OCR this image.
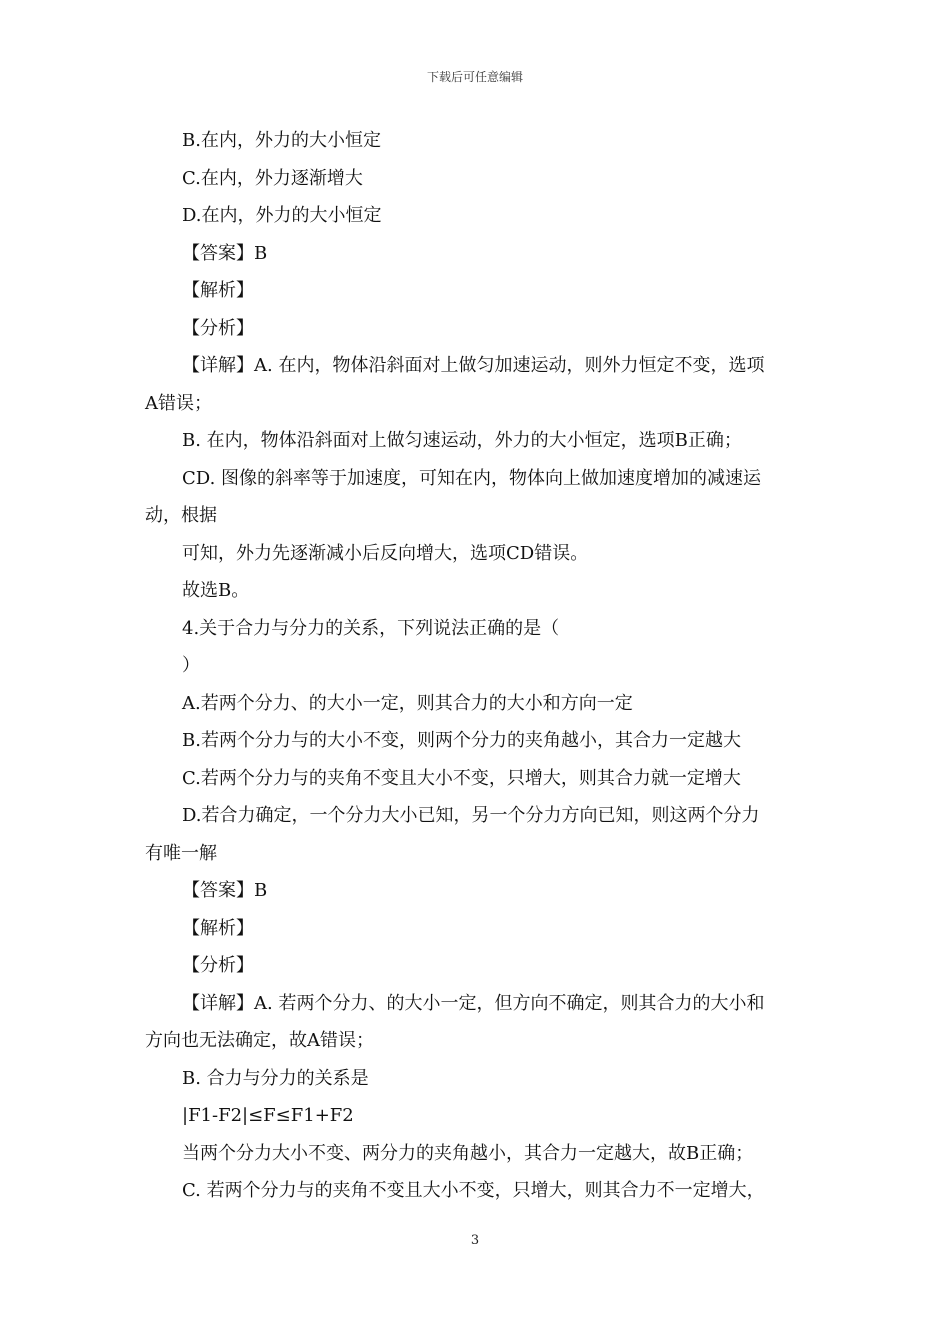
下载后可任意编辑
B.在内，外力的大小恒定
C.在内，外力逐渐增大
D.在内，外力的大小恒定
【答案】B
【解析】
【分析】
【详解】A. 在内，物体沿斜面对上做匀加速运动，则外力恒定不变，选项
A错误；
B. 在内，物体沿斜面对上做匀速运动，外力的大小恒定，选项B正确；
CD. 图像的斜率等于加速度，可知在内，物体向上做加速度增加的减速运
动，根据
可知，外力先逐渐减小后反向增大，选项CD错误。
故选B。
4.关于合力与分力的关系，下列说法正确的是（
）
A.若两个分力、的大小一定，则其合力的大小和方向一定
B.若两个分力与的大小不变，则两个分力的夹角越小，其合力一定越大
C.若两个分力与的夹角不变且大小不变，只增大，则其合力就一定增大
D.若合力确定，一个分力大小已知，另一个分力方向已知，则这两个分力
有唯一解
【答案】B
【解析】
【分析】
【详解】A. 若两个分力、的大小一定，但方向不确定，则其合力的大小和
方向也无法确定，故A错误；
B. 合力与分力的关系是
|F1-F2|≤F≤F1+F2
当两个分力大小不变、两分力的夹角越小，其合力一定越大，故B正确；
C. 若两个分力与的夹角不变且大小不变，只增大，则其合力不一定增大，
3
